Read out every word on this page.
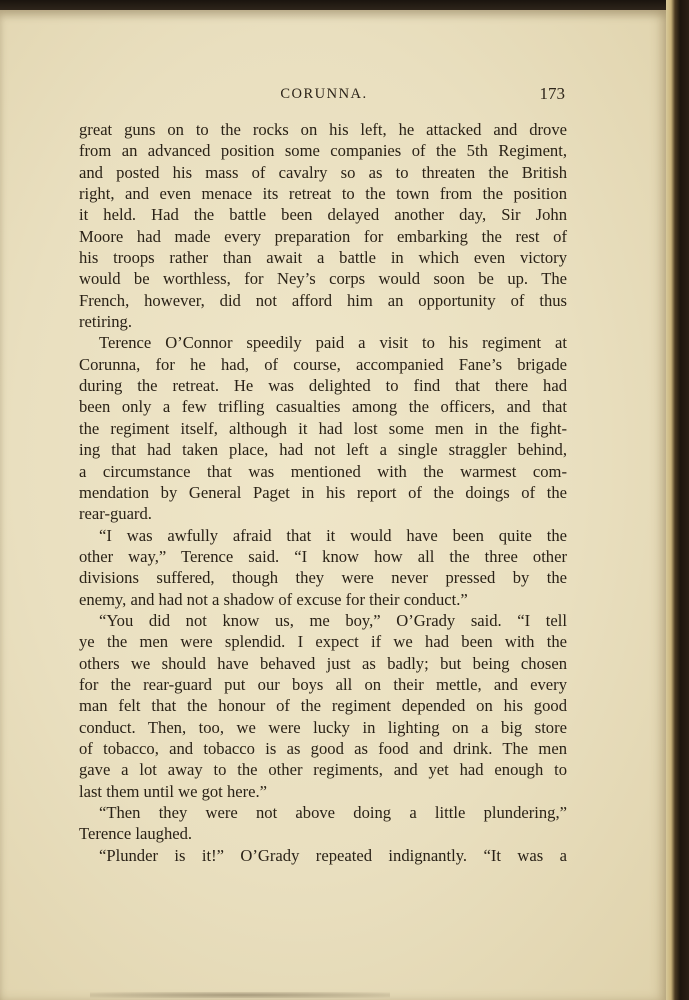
CORUNNA.	173
great guns on to the rocks on his left, he attacked and drove
from an advanced position some companies of the 5th Regiment,
and posted his mass of cavalry so as to threaten the British
right, and even menace its retreat to the town from the position
it held. Had the battle been delayed another day, Sir John
Moore had made every preparation for embarking the rest of
his troops rather than await a battle in which even victory
would be worthless, for Ney’s corps would soon be up. The
French, however, did not afford him an opportunity of thus
retiring.
Terence O’Connor speedily paid a visit to his regiment at
Corunna, for he had, of course, accompanied Fane’s brigade
during the retreat. He was delighted to find that there had
been only a few trifling casualties among the officers, and that
the regiment itself, although it had lost some men in the fight-
ing that had taken place, had not left a single straggler behind,
a circumstance that was mentioned with the warmest com-
mendation by General Paget in his report of the doings of the
rear-guard.
“I was awfully afraid that it would have been quite the
other way,” Terence said. “I know how all the three other
divisions suffered, though they were never pressed by the
enemy, and had not a shadow of excuse for their conduct.”
“You did not know us, me boy,” O’Grady said. “I tell
ye the men were splendid. I expect if we had been with the
others we should have behaved just as badly; but being chosen
for the rear-guard put our boys all on their mettle, and every
man felt that the honour of the regiment depended on his good
conduct. Then, too, we were lucky in lighting on a big store
of tobacco, and tobacco is as good as food and drink. The men
gave a lot away to the other regiments, and yet had enough to
last them until we got here.”
“Then they were not above doing a little plundering,”
Terence laughed.
“Plunder is it!” O’Grady repeated indignantly. “It was a
